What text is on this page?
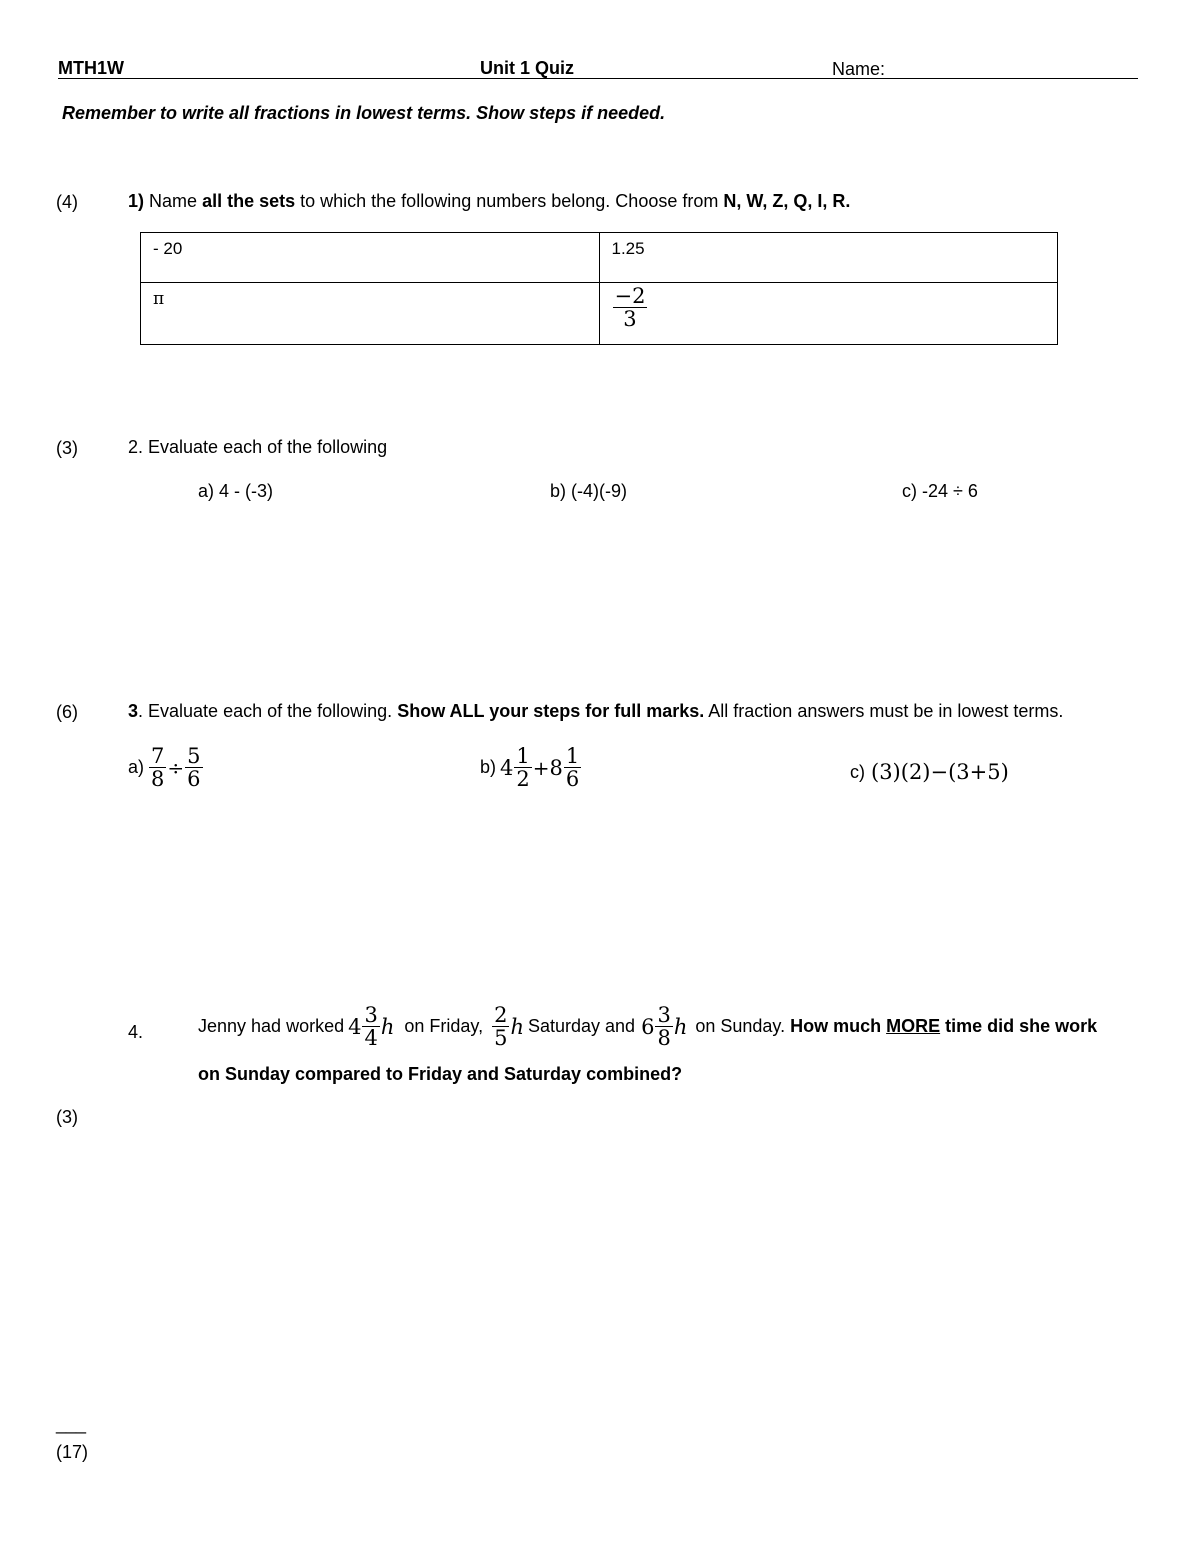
MTH1W	Unit 1 Quiz	Name:
Remember to write all fractions in lowest terms. Show steps if needed.
(4)	1) Name all the sets to which the following numbers belong. Choose from N, W, Z, Q, I, R.
- 20	1.25
π	$\frac{-2}{3}$
(3)	2. Evaluate each of the following
a) 4 - (-3)	b) (-4)(-9)	c) -24 ÷ 6
(6)	3. Evaluate each of the following. Show ALL your steps for full marks. All fraction answers must be in lowest terms.
$a) \frac{7}{8} \div \frac{5}{6}$	b) $4 \frac{1}{2} + 8 \frac{1}{6}$	c) (3)(2)−(3+5)
4.	Jenny had worked $4 \frac{3}{4}$ h on Friday, $\frac{2}{5}$ h Saturday and $6 \frac{3}{8}$ h on Sunday. How much MORE time did she work
on Sunday compared to Friday and Saturday combined?
(3)
___
(17)
